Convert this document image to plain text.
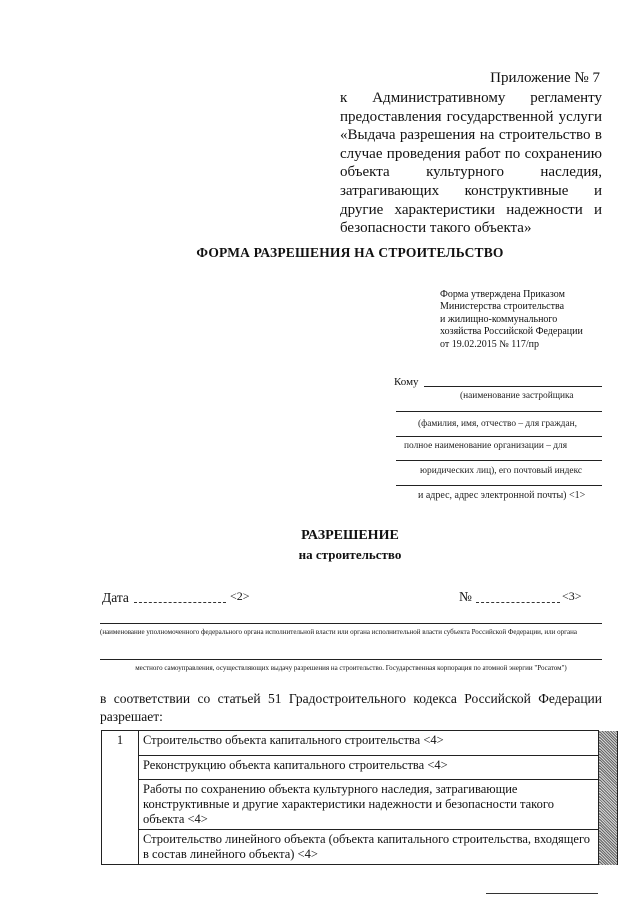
Приложение № 7
к Административному регламенту предоставления государственной услуги «Выдача разрешения на строительство в случае проведения работ по сохранению объекта культурного наследия, затрагивающих конструктивные и другие характеристики надежности и безопасности такого объекта»
ФОРМА РАЗРЕШЕНИЯ НА СТРОИТЕЛЬСТВО
Форма утверждена Приказом
Министерства строительства
и жилищно-коммунального
хозяйства Российской Федерации
от 19.02.2015 № 117/пр
Кому
(наименование застройщика
(фамилия, имя, отчество – для граждан,
полное наименование организации – для
юридических лиц), его почтовый индекс
и адрес, адрес электронной почты) <1>
РАЗРЕШЕНИЕ
на строительство
Дата	<2>	№	<3>
(наименование уполномоченного федерального органа исполнительной власти или органа исполнительной власти субъекта Российской Федерации, или органа
местного самоуправления, осуществляющих выдачу разрешения на строительство. Государственная корпорация по атомной энергии "Росатом")
в соответствии со статьей 51 Градостроительного кодекса Российской Федерации разрешает:
1	Строительство объекта капитального строительства <4>	
Реконструкцию объекта капитального строительства <4>
Работы по сохранению объекта культурного наследия, затрагивающие конструктивные и другие характеристики надежности и безопасности такого объекта <4>
Строительство линейного объекта (объекта капитального строительства, входящего в состав линейного объекта) <4>
